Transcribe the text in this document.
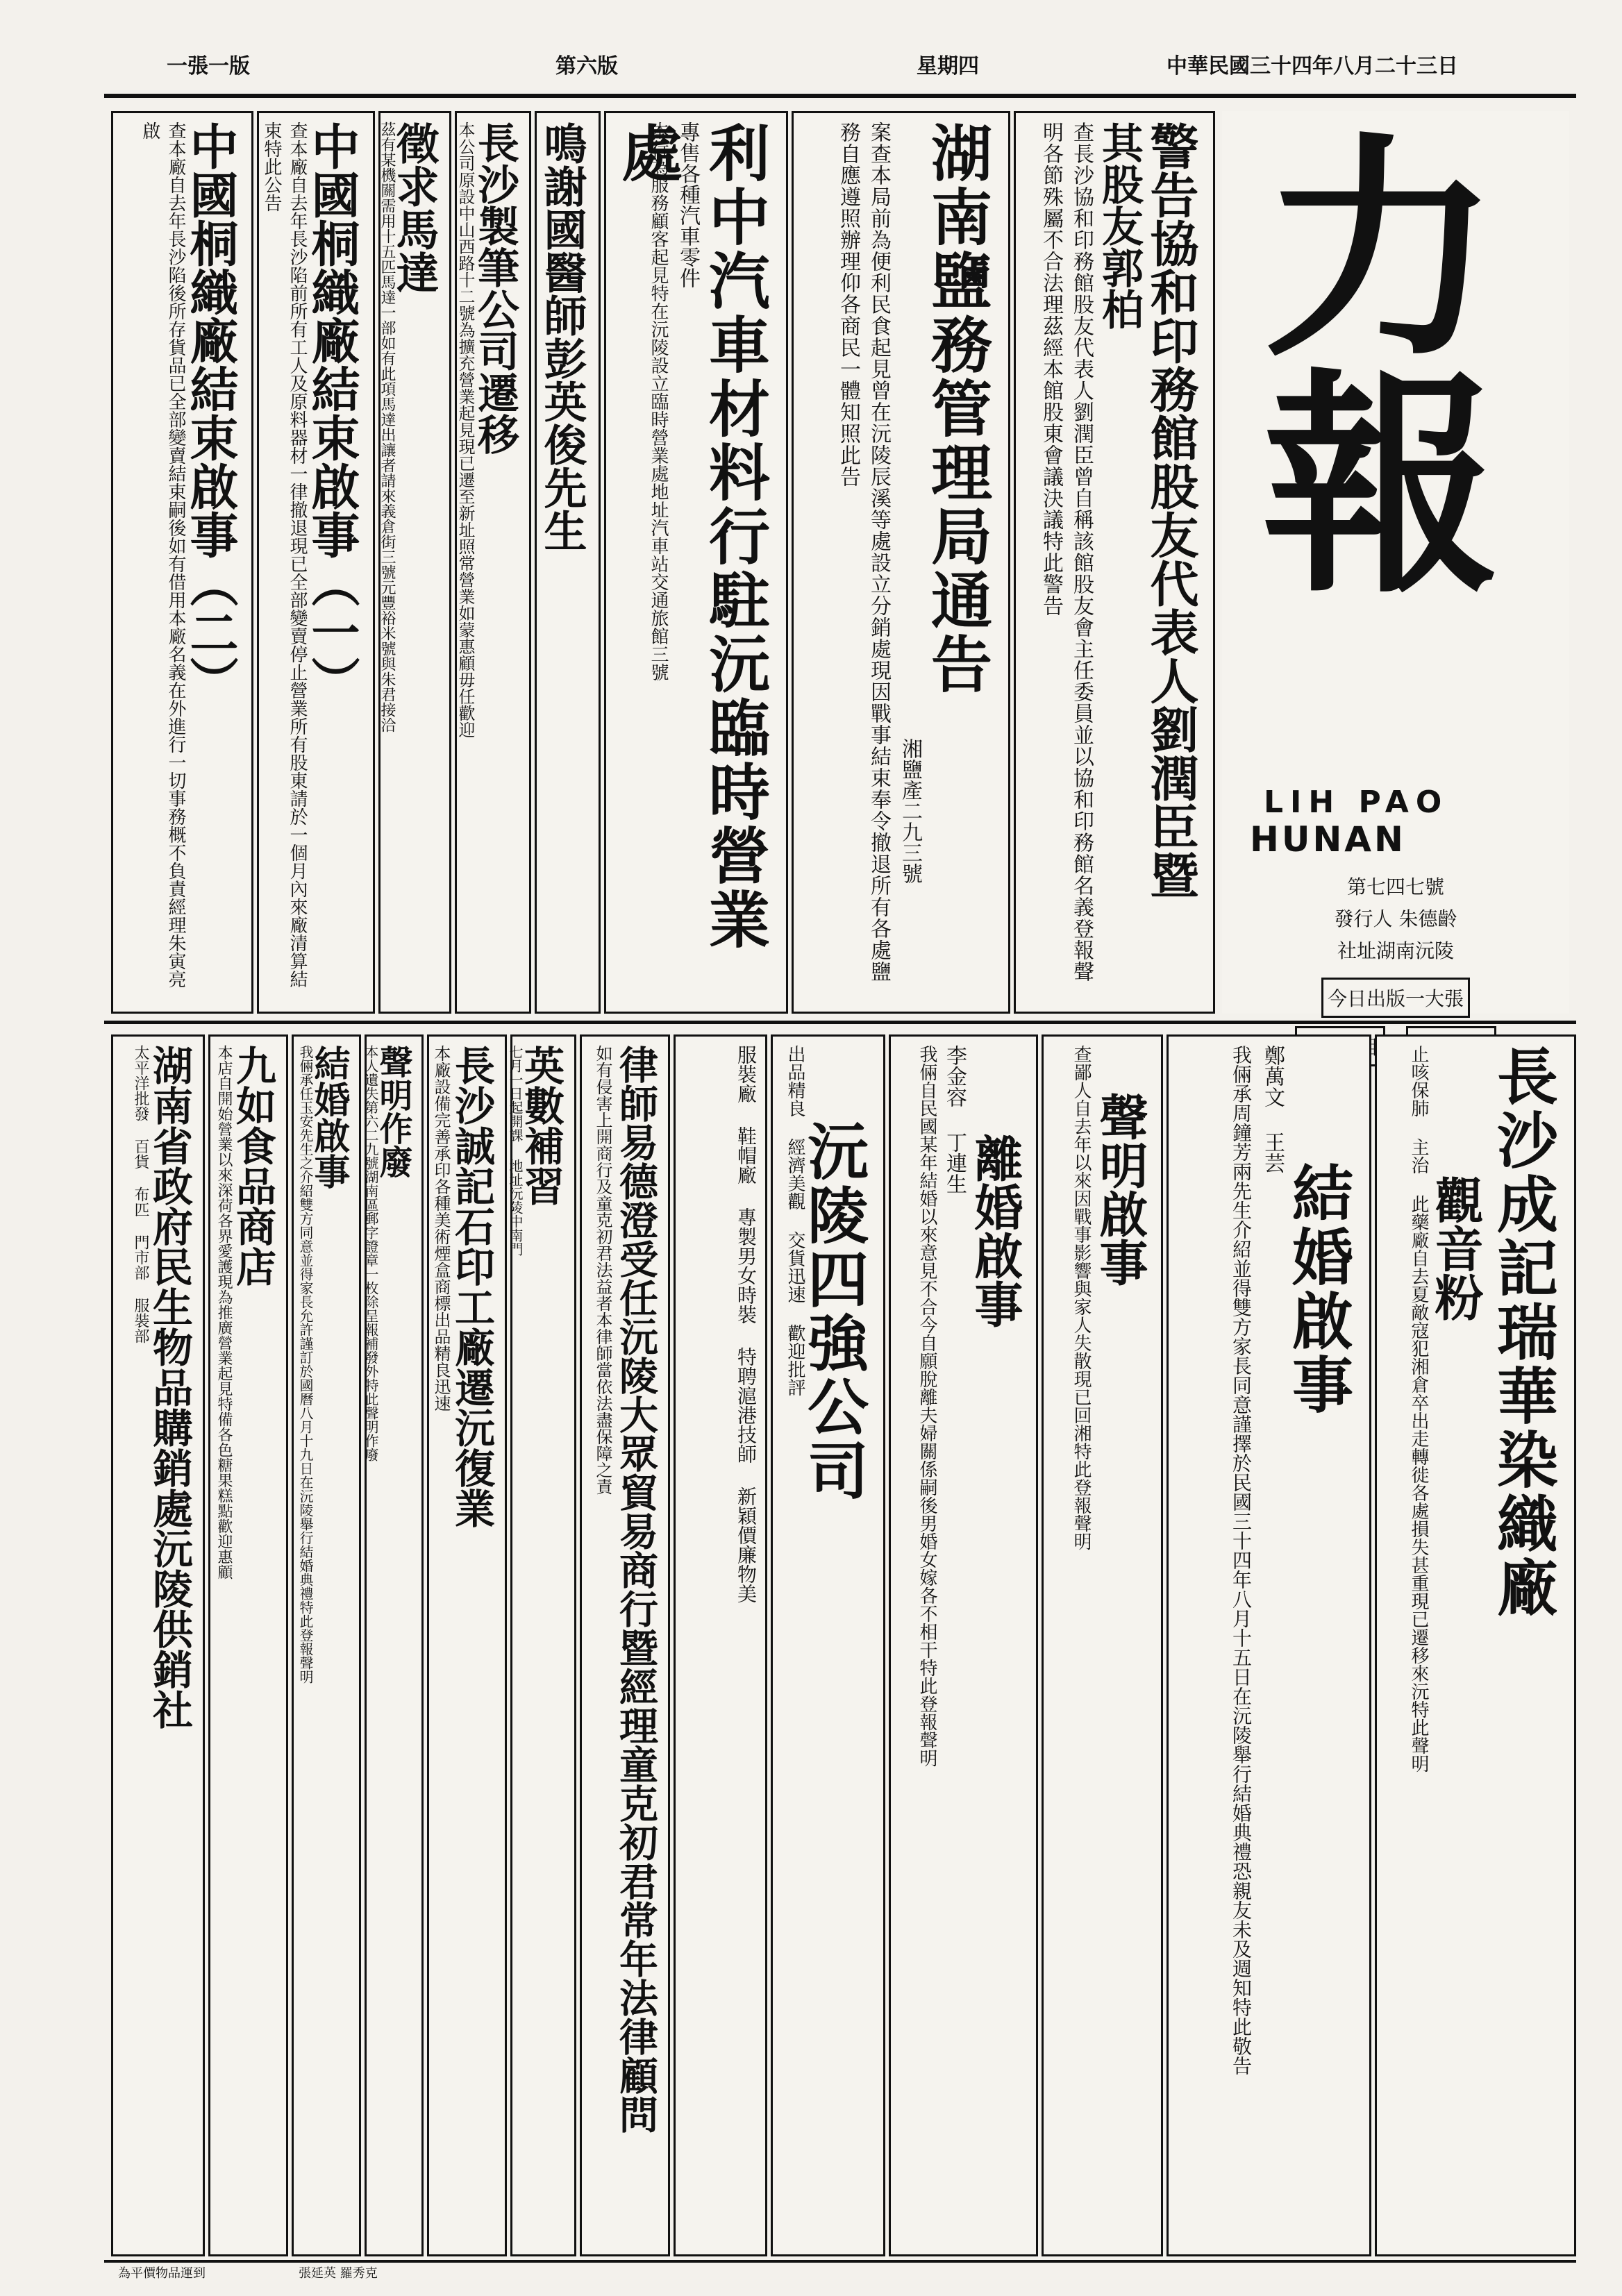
中華民國三十四年八月二十三日
星期四
第六版
一張一版
力報
LIH PAO
HUNAN
第七四七號
發行人 朱德齡
社址湖南沅陵
今日出版一大張
警告協和印務館股友代表人劉潤臣暨
其股友郭柏
查長沙協和印務館股友代表人劉潤臣曾自稱該館股友會主任委員並以協和印務館名義登報聲明各節殊屬不合法理茲經本館股東會議決議特此警告
湖南鹽務管理局通告
湘鹽產二九三號
案查本局前為便利民食起見曾在沅陵辰溪等處設立分銷處現因戰事結束奉令撤退所有各處鹽務自應遵照辦理仰各商民一體知照此告
利中汽車材料行駐沅臨時營業處
專售各種汽車零件
本行為服務顧客起見特在沅陵設立臨時營業處地址汽車站交通旅館三號
鳴謝國醫師彭英俊先生
長沙製筆公司遷移
本公司原設中山西路十二號為擴充營業起見現已遷至新址照常營業如蒙惠顧毋任歡迎
徵求馬達
茲有某機關需用十五匹馬達一部如有此項馬達出讓者請來義倉街三號元豐裕米號與朱君接洽
中國桐織廠結束啟事（一）
查本廠自去年長沙陷前所有工人及原料器材一律撤退現已全部變賣停止營業所有股東請於一個月內來廠清算結束特此公告
中國桐織廠結束啟事（二）
查本廠自去年長沙陷後所存貨品已全部變賣結束嗣後如有借用本廠名義在外進行一切事務概不負責經理朱寅亮啟
長沙成記瑞華染織廠
觀音粉
止咳保肺 主治 此藥廠自去夏敵寇犯湘倉卒出走轉徙各處損失甚重現已遷移來沅特此聲明
結婚啟事
鄭萬文 王芸
我倆承周鐘芳兩先生介紹並得雙方家長同意謹擇於民國三十四年八月十五日在沅陵舉行結婚典禮恐親友未及週知特此敬告
聲明啟事
查鄙人自去年以來因戰事影響與家人失散現已回湘特此登報聲明
離婚啟事
李金容 丁連生
我倆自民國某年結婚以來意見不合今自願脫離夫婦關係嗣後男婚女嫁各不相干特此登報聲明
沅陵四強公司
出品精良 經濟美觀 交貨迅速 歡迎批評
服裝廠 鞋帽廠 專製男女時裝 特聘滬港技師 新穎價廉物美
律師易德澄受任沅陵大眾貿易商行暨經理童克初君常年法律顧問
如有侵害上開商行及童克初君法益者本律師當依法盡保障之責
英數補習
七月一日起開課 地址沅陵中南門
長沙誠記石印工廠遷沅復業
本廠設備完善承印各種美術煙盒商標出品精良迅速
聲明作廢
本人遺失第六二九號湖南區郵字證章一枚除呈報補發外特此聲明作廢
結婚啟事
我倆承任玉安先生之介紹雙方同意並得家長允許謹訂於國曆八月十九日在沅陵舉行結婚典禮特此登報聲明
九如食品商店
本店自開始營業以來深荷各界愛護現為推廣營業起見特備各色糖果糕點歡迎惠顧
湖南省政府民生物品購銷處沅陵供銷社
太平洋批發 百貨 布匹 門市部 服裝部
為平價物品運到	張延英 羅秀克
